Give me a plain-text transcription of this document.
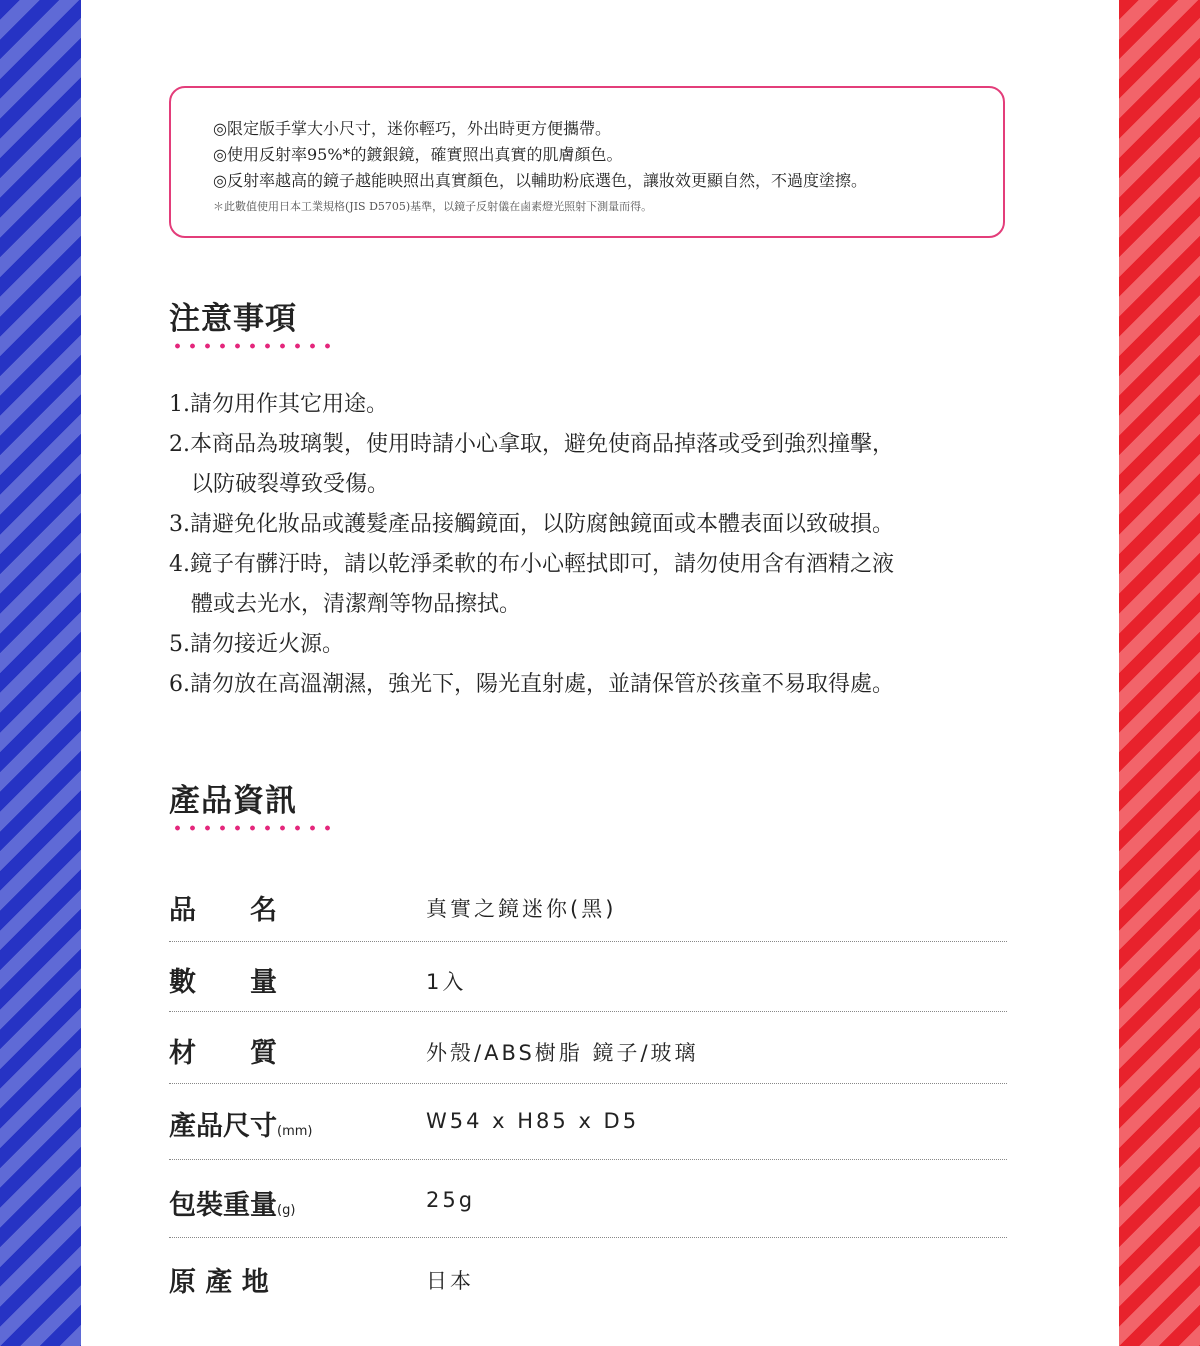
◎限定版手掌大小尺寸，迷你輕巧，外出時更方便攜帶。
◎使用反射率95%*的鍍銀鏡，確實照出真實的肌膚顏色。
◎反射率越高的鏡子越能映照出真實顏色，以輔助粉底選色，讓妝效更顯自然，不過度塗擦。
＊此數值使用日本工業規格(JIS D5705)基準，以鏡子反射儀在鹵素燈光照射下測量而得。
注意事項
1.請勿用作其它用途。
2.本商品為玻璃製，使用時請小心拿取，避免使商品掉落或受到強烈撞擊，
以防破裂導致受傷。
3.請避免化妝品或護髮產品接觸鏡面，以防腐蝕鏡面或本體表面以致破損。
4.鏡子有髒汙時，請以乾淨柔軟的布小心輕拭即可，請勿使用含有酒精之液
體或去光水，清潔劑等物品擦拭。
5.請勿接近火源。
6.請勿放在高溫潮濕，強光下，陽光直射處，並請保管於孩童不易取得處。
產品資訊
品　　名	真實之鏡迷你(黑)
數　　量	1入
材　　質	外殼/ABS樹脂 鏡子/玻璃
產品尺寸(mm)	W54 x H85 x D5
包裝重量(g)	25g
原 產 地	日本
